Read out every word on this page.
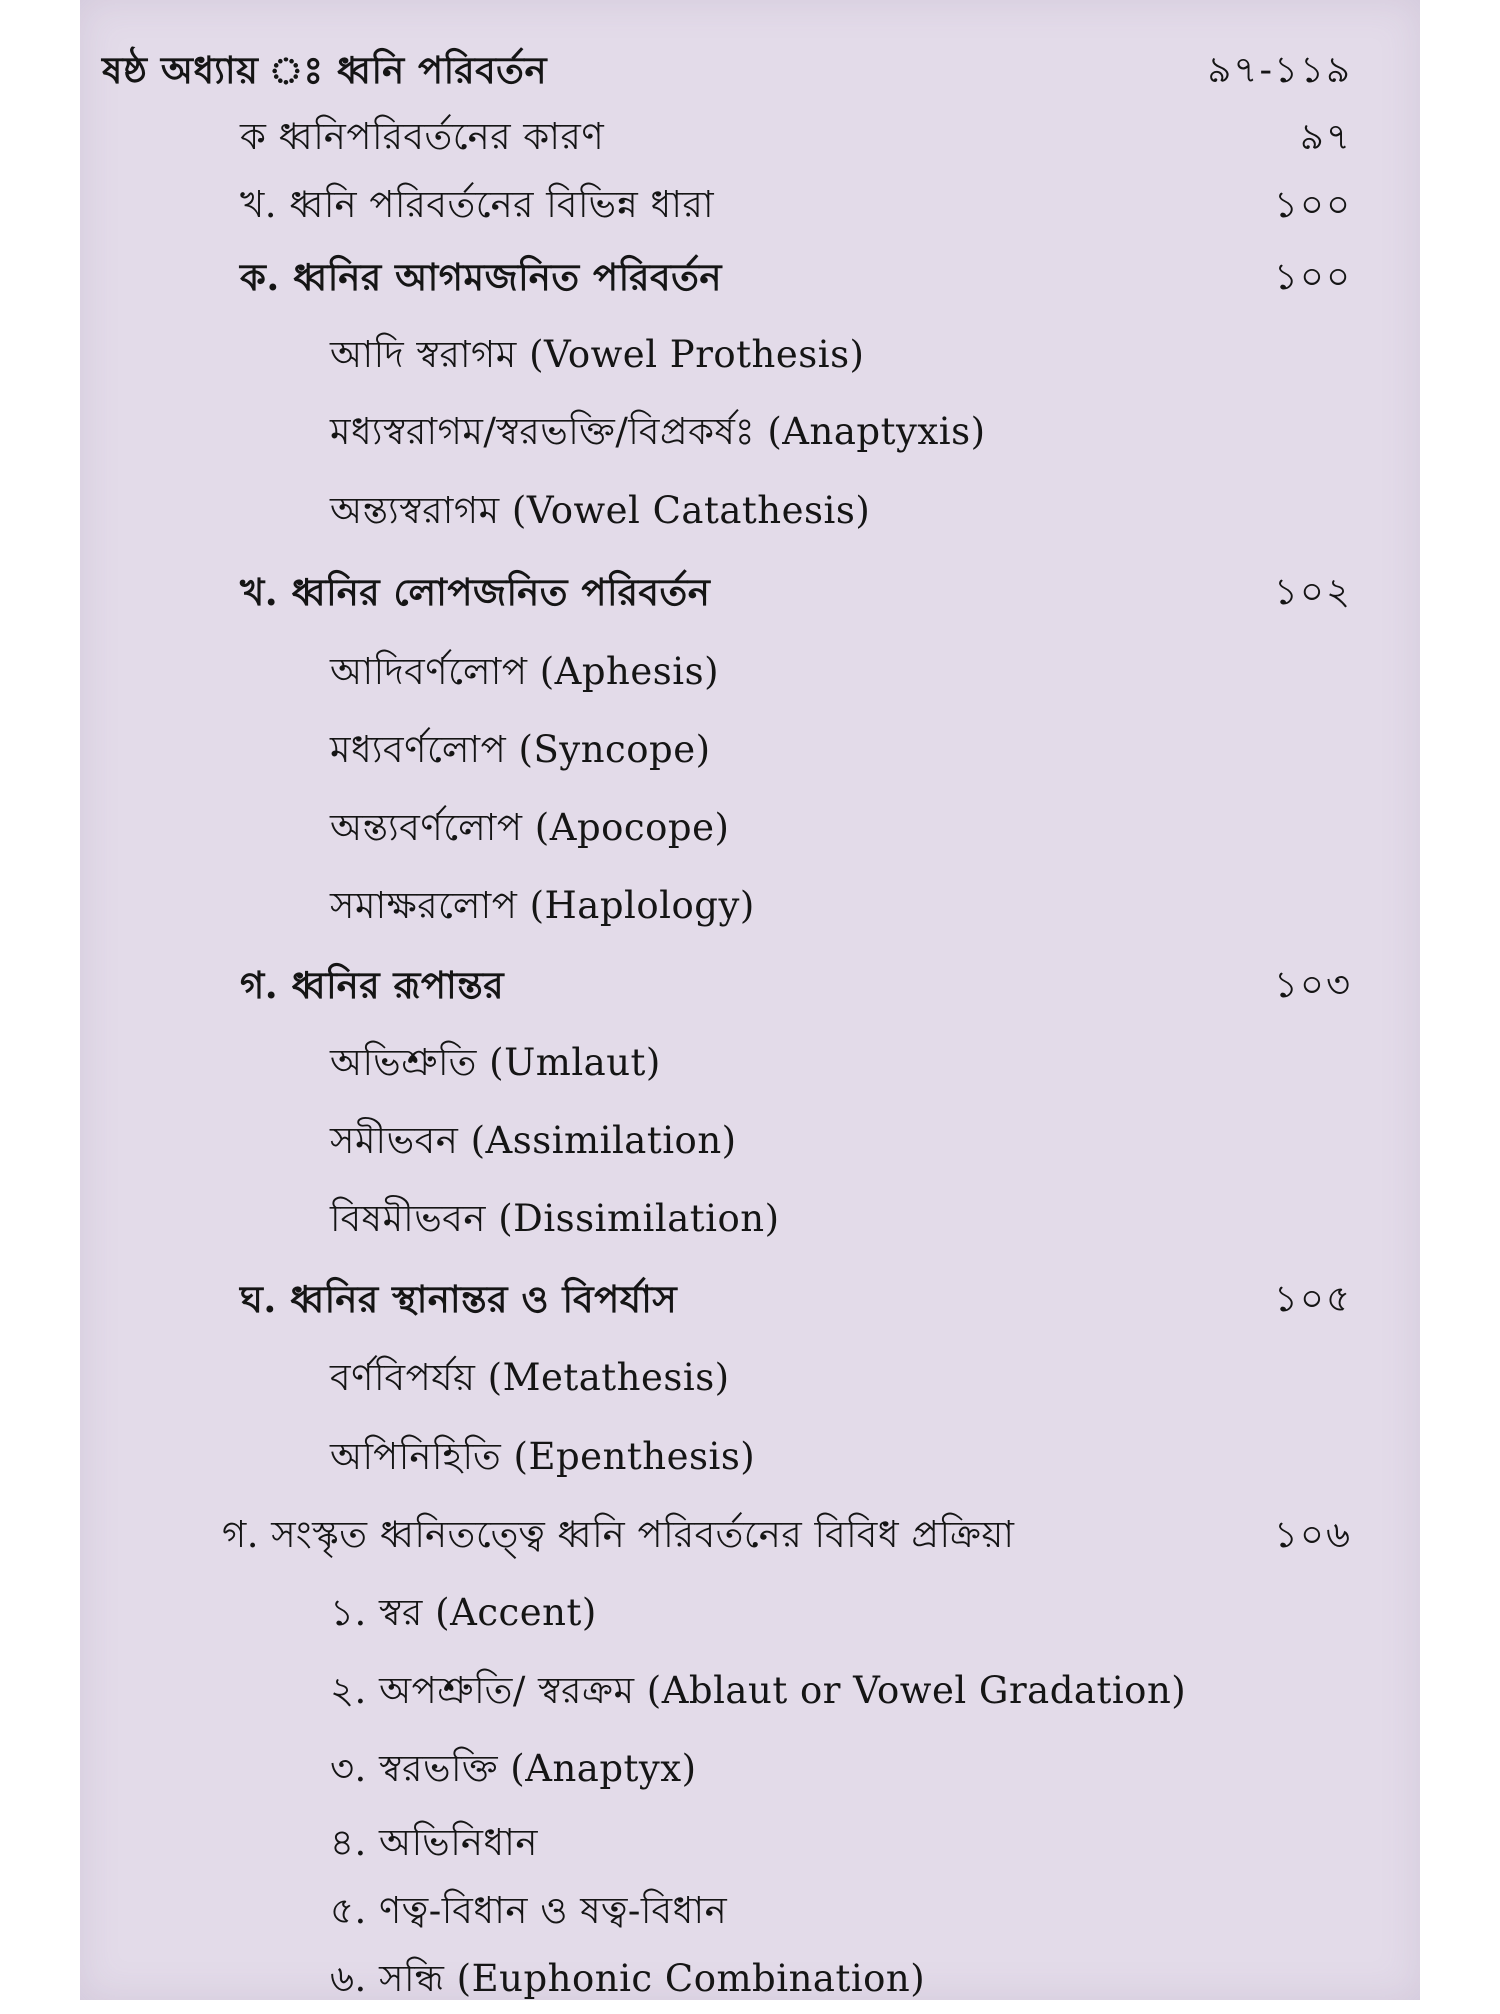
ষষ্ঠ অধ্যায় ঃ ধ্বনি পরিবর্তন	৯৭-১১৯
ক ধ্বনিপরিবর্তনের কারণ	৯৭
খ. ধ্বনি পরিবর্তনের বিভিন্ন ধারা	১০০
ক. ধ্বনির আগমজনিত পরিবর্তন	১০০
আদি স্বরাগম (Vowel Prothesis)
মধ্যস্বরাগম/স্বরভক্তি/বিপ্রকর্ষঃ (Anaptyxis)
অন্ত্যস্বরাগম (Vowel Catathesis)
খ. ধ্বনির লোপজনিত পরিবর্তন	১০২
আদিবর্ণলোপ (Aphesis)
মধ্যবর্ণলোপ (Syncope)
অন্ত্যবর্ণলোপ (Apocope)
সমাক্ষরলোপ (Haplology)
গ. ধ্বনির রূপান্তর	১০৩
অভিশ্রুতি (Umlaut)
সমীভবন (Assimilation)
বিষমীভবন (Dissimilation)
ঘ. ধ্বনির স্থানান্তর ও বিপর্যাস	১০৫
বর্ণবিপর্যয় (Metathesis)
অপিনিহিতি (Epenthesis)
গ. সংস্কৃত ধ্বনিতত্ত্বে ধ্বনি পরিবর্তনের বিবিধ প্রক্রিয়া	১০৬
১. স্বর (Accent)
২. অপশ্রুতি/ স্বরক্রম (Ablaut or Vowel Gradation)
৩. স্বরভক্তি (Anaptyx)
৪. অভিনিধান
৫. ণত্ব-বিধান ও ষত্ব-বিধান
৬. সন্ধি (Euphonic Combination)
